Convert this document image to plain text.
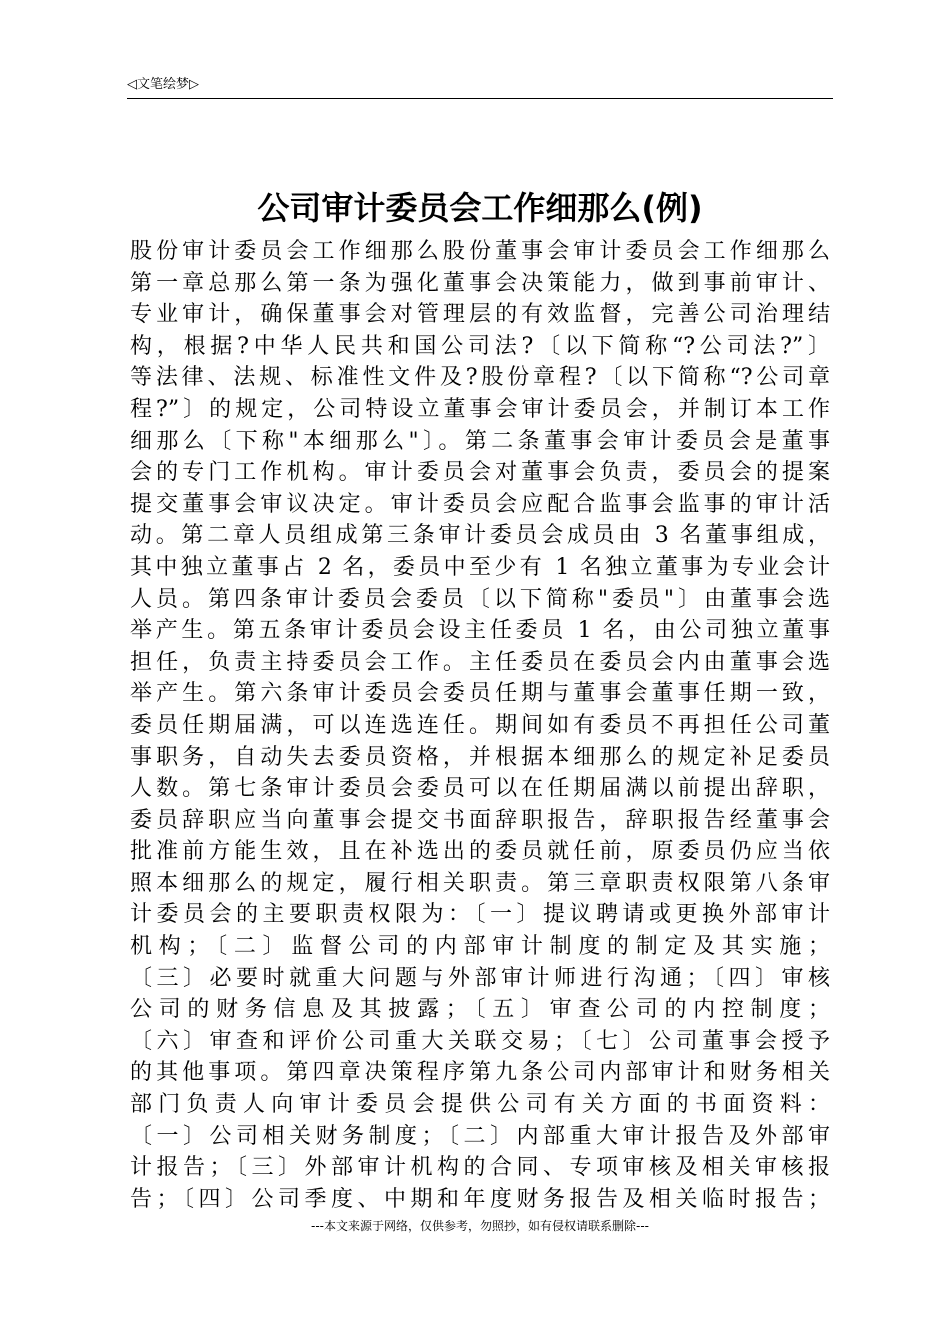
◁文笔绘梦▷
公司审计委员会工作细那么(例)
股份审计委员会工作细那么股份董事会审计委员会工作细那么
第一章总那么第一条为强化董事会决策能力，做到事前审计、
专业审计，确保董事会对管理层的有效监督，完善公司治理结
构，根据?中华人民共和国公司法?〔以下简称“?公司法?”〕
等法律、法规、标准性文件及?股份章程?〔以下简称“?公司章
程?”〕的规定，公司特设立董事会审计委员会，并制订本工作
细那么〔下称"本细那么"〕。第二条董事会审计委员会是董事
会的专门工作机构。审计委员会对董事会负责，委员会的提案
提交董事会审议决定。审计委员会应配合监事会监事的审计活
动。第二章人员组成第三条审计委员会成员由 3 名董事组成，
其中独立董事占 2 名，委员中至少有 1 名独立董事为专业会计
人员。第四条审计委员会委员〔以下简称"委员"〕由董事会选
举产生。第五条审计委员会设主任委员 1 名，由公司独立董事
担任，负责主持委员会工作。主任委员在委员会内由董事会选
举产生。第六条审计委员会委员任期与董事会董事任期一致，
委员任期届满，可以连选连任。期间如有委员不再担任公司董
事职务，自动失去委员资格，并根据本细那么的规定补足委员
人数。第七条审计委员会委员可以在任期届满以前提出辞职，
委员辞职应当向董事会提交书面辞职报告，辞职报告经董事会
批准前方能生效，且在补选出的委员就任前，原委员仍应当依
照本细那么的规定，履行相关职责。第三章职责权限第八条审
计委员会的主要职责权限为：〔一〕提议聘请或更换外部审计
机构；〔二〕监督公司的内部审计制度的制定及其实施；
〔三〕必要时就重大问题与外部审计师进行沟通；〔四〕审核
公司的财务信息及其披露；〔五〕审查公司的内控制度；
〔六〕审查和评价公司重大关联交易；〔七〕公司董事会授予
的其他事项。第四章决策程序第九条公司内部审计和财务相关
部门负责人向审计委员会提供公司有关方面的书面资料：
〔一〕公司相关财务制度；〔二〕内部重大审计报告及外部审
计报告；〔三〕外部审计机构的合同、专项审核及相关审核报
告；〔四〕公司季度、中期和年度财务报告及相关临时报告；
---本文来源于网络，仅供参考，勿照抄，如有侵权请联系删除---
